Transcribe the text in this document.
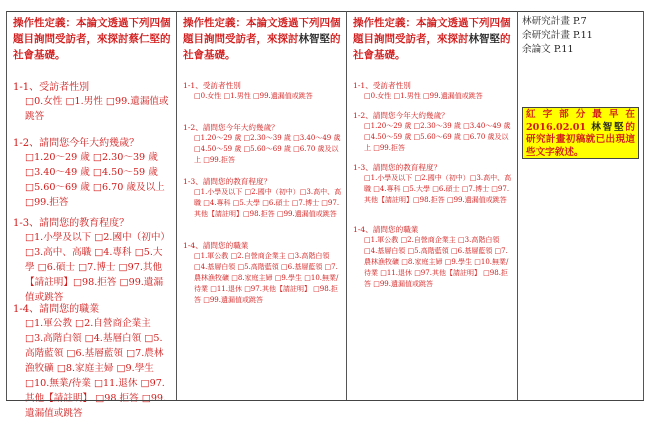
操作性定義：本論文透過下列四個題目詢問受訪者，來探討蔡仁堅的社會基礎。
1-1、受訪者性別
□0.女性 □1.男性 □99.遺漏值或跳答
1-2、請問您今年大約幾歲？
□1.20～29 歲 □2.30～39 歲 □3.40～49 歲 □4.50～59 歲 □5.60～69 歲 □6.70 歲及以上 □99.拒答
1-3、請問您的教育程度？
□1.小學及以下 □2.國中（初中）□3.高中、高職 □4.專科 □5.大學 □6.碩士 □7.博士 □97.其他【請註明】□98.拒答 □99.遺漏值或跳答
1-4、請問您的職業
□1.軍公教 □2.自營商企業主 □3.高階白領 □4.基層白領 □5.高階藍領 □6.基層藍領 □7.農林漁牧礦 □8.家庭主婦 □9.學生 □10.無業/待業 □11.退休 □97.其他【請註明】 □98.拒答 □99.遺漏值或跳答
操作性定義：本論文透過下列四個題目詢問受訪者，來探討林智堅的社會基礎。
1-1、受訪者性別
□0.女性 □1.男性 □99.遺漏值或跳答
1-2、請問您今年大約幾歲？
□1.20～29 歲 □2.30～39 歲 □3.40～49 歲 □4.50～59 歲 □5.60～69 歲 □6.70 歲及以上 □99.拒答
1-3、請問您的教育程度？
□1.小學及以下 □2.國中（初中）□3.高中、高職 □4.專科 □5.大學 □6.碩士 □7.博士 □97.其他【請註明】□98.拒答 □99.遺漏值或跳答
1-4、請問您的職業
□1.軍公教 □2.自營商企業主 □3.高階白領 □4.基層白領 □5.高階藍領 □6.基層藍領 □7.農林漁牧礦 □8.家庭主婦 □9.學生 □10.無業/待業 □11.退休 □97.其他【請註明】 □98.拒答 □99.遺漏值或跳答
操作性定義：本論文透過下列四個題目詢問受訪者，來探討林智堅的社會基礎。
1-1、受訪者性別
□0.女性 □1.男性 □99.遺漏值或跳答
1-2、請問您今年大約幾歲？
□1.20～29 歲 □2.30～39 歲 □3.40～49 歲 □4.50～59 歲 □5.60～69 歲 □6.70 歲及以上 □99.拒答
1-3、請問您的教育程度？
□1.小學及以下 □2.國中（初中）□3.高中、高職 □4.專科 □5.大學 □6.碩士 □7.博士 □97.其他【請註明】□98.拒答 □99.遺漏值或跳答
1-4、請問您的職業
□1.軍公教 □2.自營商企業主 □3.高階白領 □4.基層白領 □5.高階藍領 □6.基層藍領 □7.農林漁牧礦 □8.家庭主婦 □9.學生 □10.無業/待業 □11.退休 □97.其他【請註明】 □98.拒答 □99.遺漏值或跳答
林研究計畫 P.7
余研究計畫 P.11
余論文 P.11
紅字部分最早在 2016.02.01 林智堅的研究計畫初稿就已出現這些文字敘述。
